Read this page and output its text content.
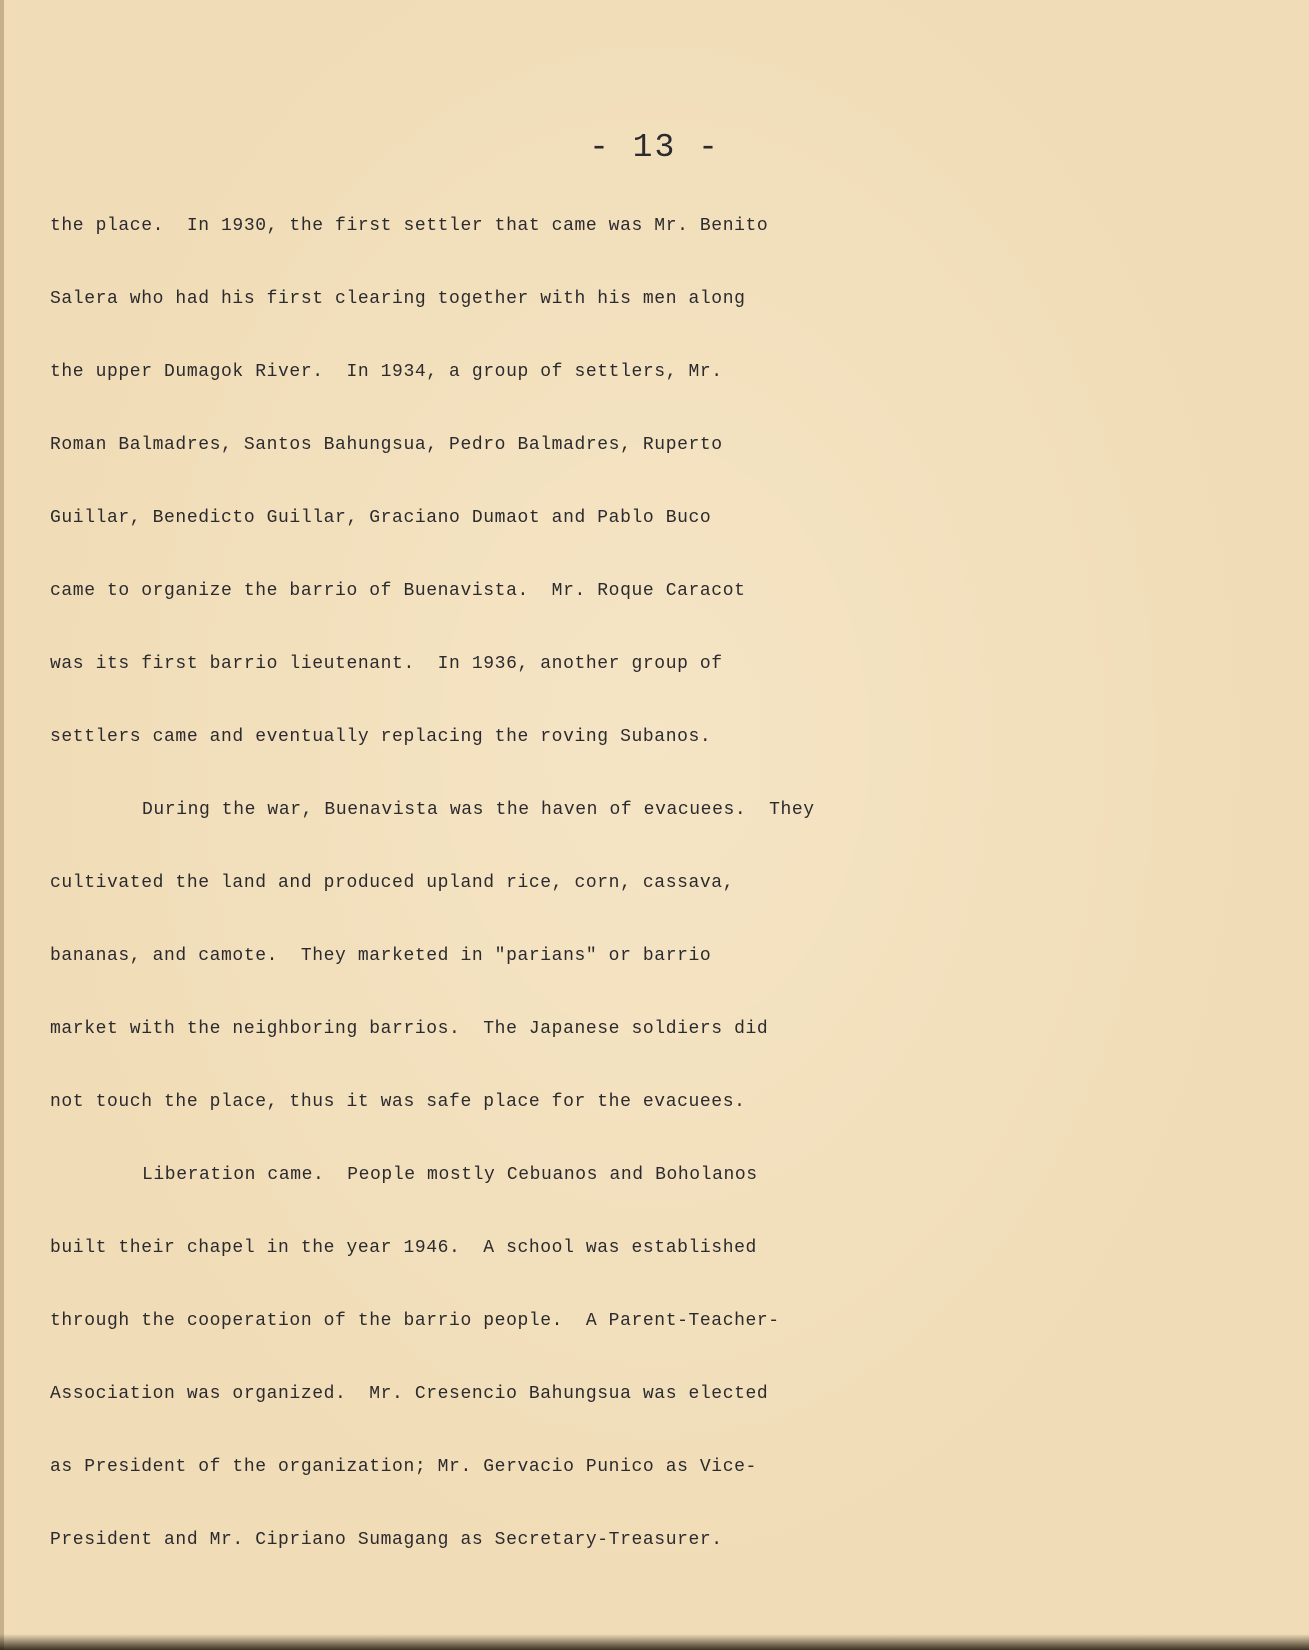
- 13 -
the place.  In 1930, the first settler that came was Mr. Benito
Salera who had his first clearing together with his men along
the upper Dumagok River.  In 1934, a group of settlers, Mr.
Roman Balmadres, Santos Bahungsua, Pedro Balmadres, Ruperto
Guillar, Benedicto Guillar, Graciano Dumaot and Pablo Buco
came to organize the barrio of Buenavista.  Mr. Roque Caracot
was its first barrio lieutenant.  In 1936, another group of
settlers came and eventually replacing the roving Subanos.
During the war, Buenavista was the haven of evacuees.  They
cultivated the land and produced upland rice, corn, cassava,
bananas, and camote.  They marketed in "parians" or barrio
market with the neighboring barrios.  The Japanese soldiers did
not touch the place, thus it was safe place for the evacuees.
Liberation came.  People mostly Cebuanos and Boholanos
built their chapel in the year 1946.  A school was established
through the cooperation of the barrio people.  A Parent-Teacher-
Association was organized.  Mr. Cresencio Bahungsua was elected
as President of the organization; Mr. Gervacio Punico as Vice-
President and Mr. Cipriano Sumagang as Secretary-Treasurer.
